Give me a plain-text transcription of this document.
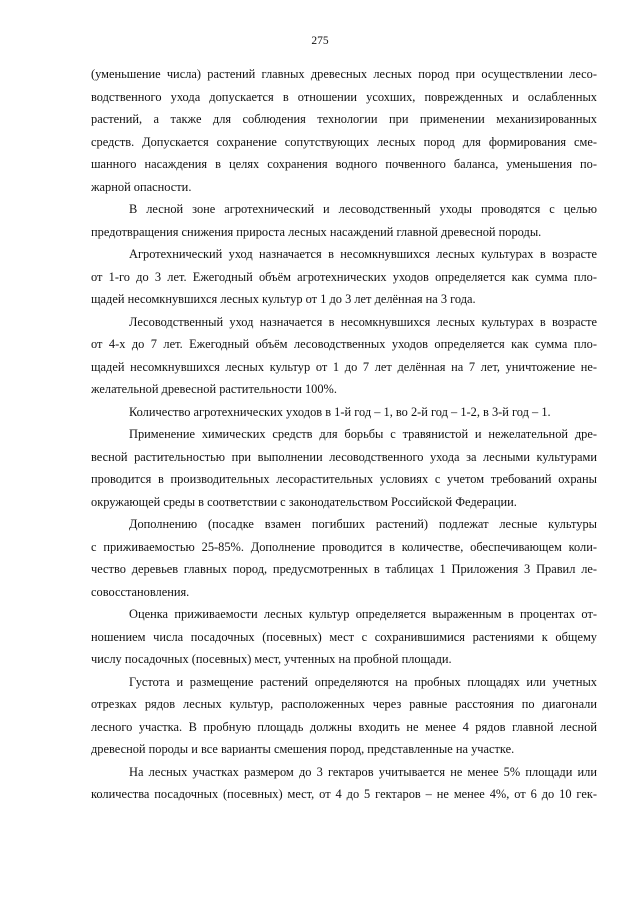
275
(уменьшение числа) растений главных древесных лесных пород при осуществлении лесо-
водственного ухода допускается в отношении усохших, поврежденных и ослабленных
растений, а также для соблюдения технологии при применении механизированных
средств. Допускается сохранение сопутствующих лесных пород для формирования сме-
шанного насаждения в целях сохранения водного почвенного баланса, уменьшения по-
жарной опасности.
В лесной зоне агротехнический и лесоводственный уходы проводятся с целью
предотвращения снижения прироста лесных насаждений главной древесной породы.
Агротехнический уход назначается в несомкнувшихся лесных культурах в возрасте
от 1-го до 3 лет. Ежегодный объём агротехнических уходов определяется как сумма пло-
щадей несомкнувшихся лесных культур от 1 до 3 лет делённая на 3 года.
Лесоводственный уход назначается в несомкнувшихся лесных культурах в возрасте
от 4-х до 7 лет. Ежегодный объём лесоводственных уходов определяется как сумма пло-
щадей несомкнувшихся лесных культур от 1 до 7 лет делённая на 7 лет, уничтожение не-
желательной древесной растительности 100%.
Количество агротехнических уходов в 1-й год – 1, во 2-й год – 1-2, в 3-й год – 1.
Применение химических средств для борьбы с травянистой и нежелательной дре-
весной растительностью при выполнении лесоводственного ухода за лесными культурами
проводится в производительных лесорастительных условиях с учетом требований охраны
окружающей среды в соответствии с законодательством Российской Федерации.
Дополнению (посадке взамен погибших растений) подлежат лесные культуры
с приживаемостью 25-85%. Дополнение проводится в количестве, обеспечивающем коли-
чество деревьев главных пород, предусмотренных в таблицах 1 Приложения 3 Правил ле-
совосстановления.
Оценка приживаемости лесных культур определяется выраженным в процентах от-
ношением числа посадочных (посевных) мест с сохранившимися растениями к общему
числу посадочных (посевных) мест, учтенных на пробной площади.
Густота и размещение растений определяются на пробных площадях или учетных
отрезках рядов лесных культур, расположенных через равные расстояния по диагонали
лесного участка. В пробную площадь должны входить не менее 4 рядов главной лесной
древесной породы и все варианты смешения пород, представленные на участке.
На лесных участках размером до 3 гектаров учитывается не менее 5% площади или
количества посадочных (посевных) мест, от 4 до 5 гектаров – не менее 4%, от 6 до 10 гек-
